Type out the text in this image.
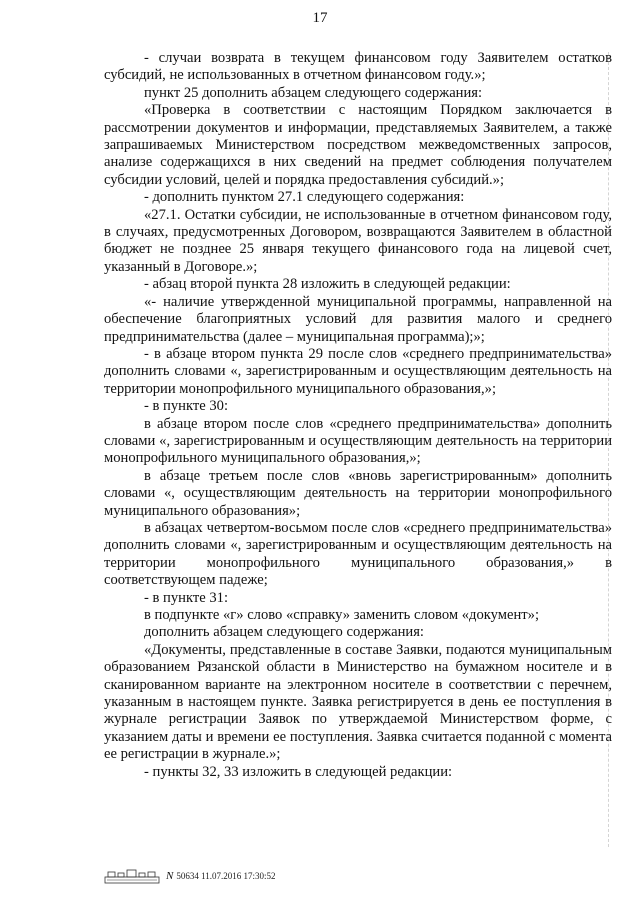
17

- случаи возврата в текущем финансовом году Заявителем остатков субсидий, не использованных в отчетном финансовом году.»;

пункт 25 дополнить абзацем следующего содержания:

«Проверка в соответствии с настоящим Порядком заключается в рассмотрении документов и информации, представляемых Заявителем, а также запрашиваемых Министерством посредством межведомственных запросов, анализе содержащихся в них сведений на предмет соблюдения получателем субсидии условий, целей и порядка предоставления субсидий.»;

- дополнить пунктом 27.1 следующего содержания:

«27.1. Остатки субсидии, не использованные в отчетном финансовом году, в случаях, предусмотренных Договором, возвращаются Заявителем в областной бюджет не позднее 25 января текущего финансового года на лицевой счет, указанный в Договоре.»;

- абзац второй пункта 28 изложить в следующей редакции:

«- наличие утвержденной муниципальной программы, направленной на обеспечение благоприятных условий для развития малого и среднего предпринимательства (далее – муниципальная программа);»;

- в абзаце втором пункта 29 после слов «среднего предпринимательства» дополнить словами «, зарегистрированным и осуществляющим деятельность на территории монопрофильного муниципального образования,»;

- в пункте 30:

в абзаце втором после слов «среднего предпринимательства» дополнить словами «, зарегистрированным и осуществляющим деятельность на территории монопрофильного муниципального образования,»;

в абзаце третьем после слов «вновь зарегистрированным» дополнить словами «, осуществляющим деятельность на территории монопрофильного муниципального образования»;

в абзацах четвертом-восьмом после слов «среднего предпринимательства» дополнить словами «, зарегистрированным и осуществляющим деятельность на территории монопрофильного муниципального образования,» в соответствующем падеже;

- в пункте 31:

в подпункте «г» слово «справку» заменить словом «документ»;

дополнить абзацем следующего содержания:

«Документы, представленные в составе Заявки, подаются муниципальным образованием Рязанской области в Министерство на бумажном носителе и в сканированном варианте на электронном носителе в соответствии с перечнем, указанным в настоящем пункте. Заявка регистрируется в день ее поступления в журнале регистрации Заявок по утверждаемой Министерством форме, с указанием даты и времени ее поступления. Заявка считается поданной с момента ее регистрации в журнале.»;

- пункты 32, 33 изложить в следующей редакции:

N 50634 11.07.2016 17:30:52
